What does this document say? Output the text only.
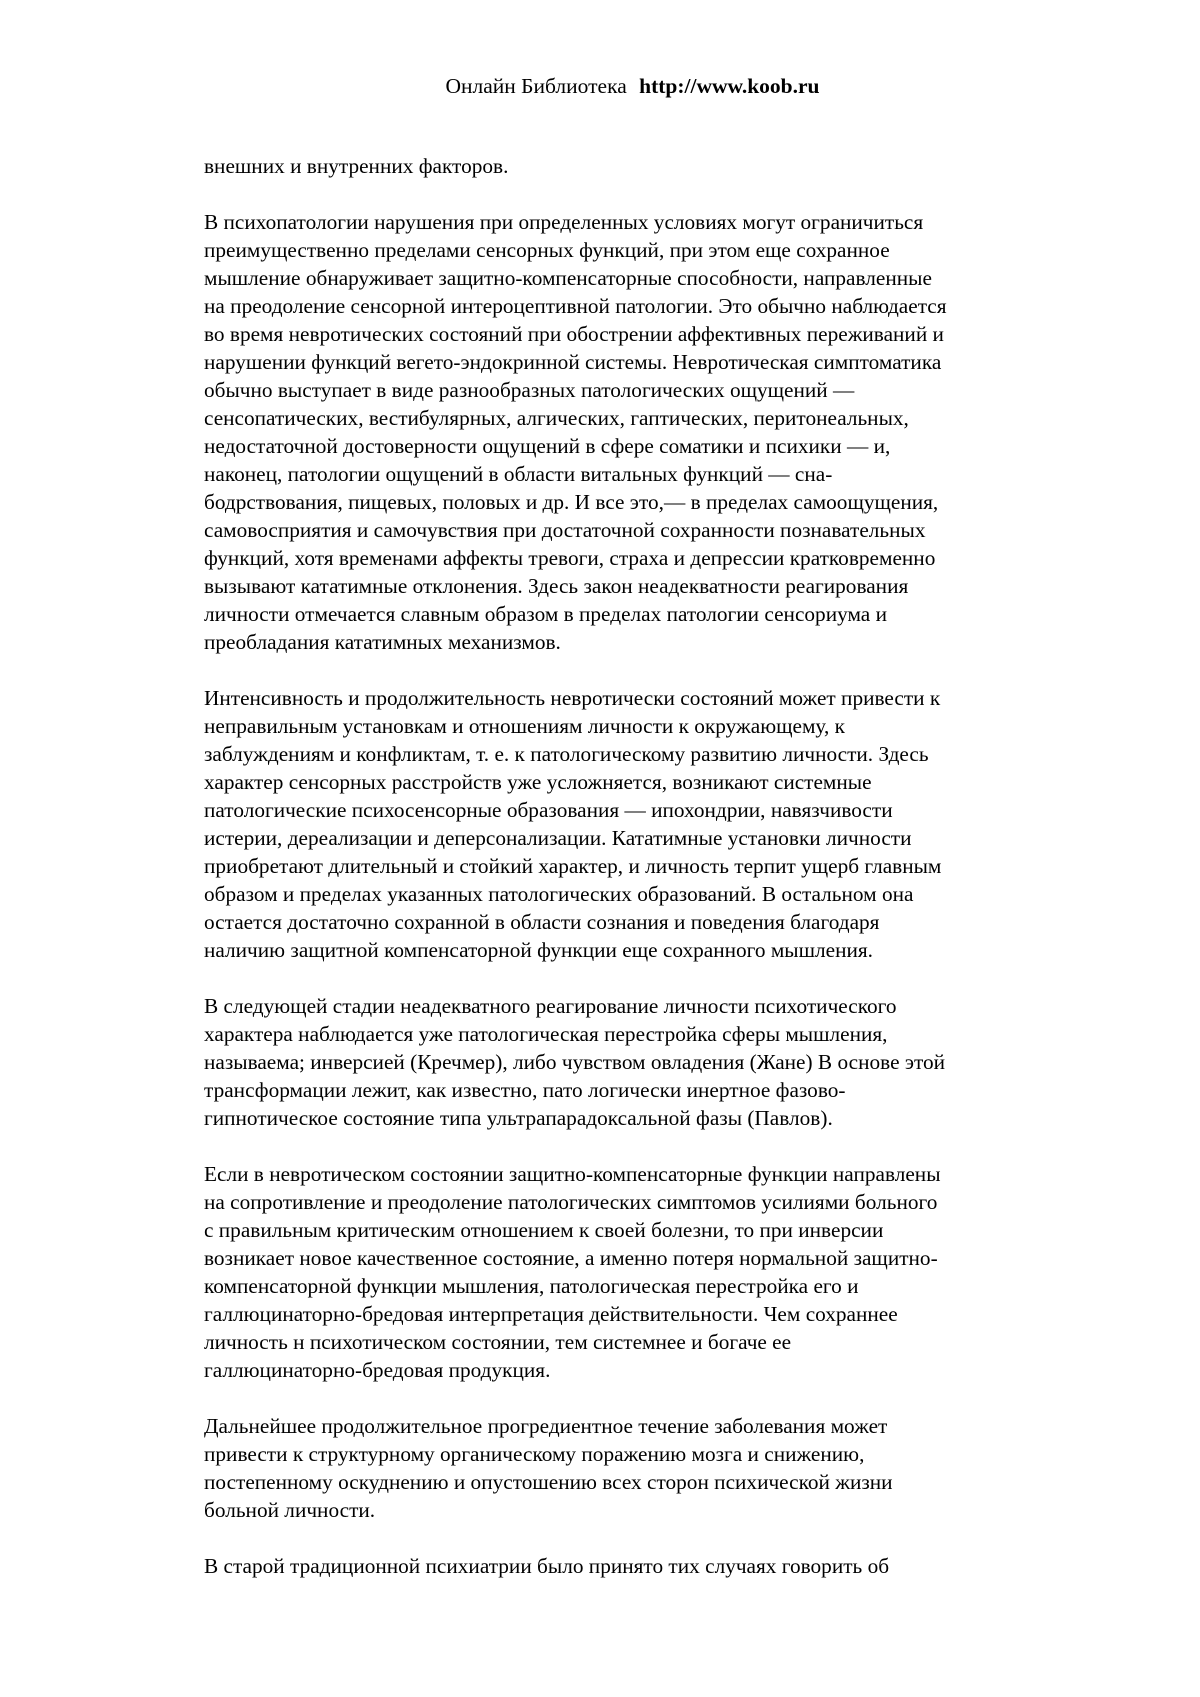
Онлайн Библиотека http://www.koob.ru
внешних и внутренних факторов.
В психопатологии нарушения при определенных условиях могут ограничиться
преимущественно пределами сенсорных функций, при этом еще сохранное
мышление обнаруживает защитно-компенсаторные способности, направленные
на преодоление сенсорной интероцептивной патологии. Это обычно наблюдается
во время невротических состояний при обострении аффективных переживаний и
нарушении функций вегето-эндокринной системы. Невротическая симптоматика
обычно выступает в виде разнообразных патологических ощущений —
сенсопатических, вестибулярных, алгических, гаптических, перитонеальных,
недостаточной достоверности ощущений в сфере соматики и психики — и,
наконец, патологии ощущений в области витальных функций — сна-
бодрствования, пищевых, половых и др. И все это,— в пределах самоощущения,
самовосприятия и самочувствия при достаточной сохранности познавательных
функций, хотя временами аффекты тревоги, страха и депрессии кратковременно
вызывают кататимные отклонения. Здесь закон неадекватности реагирования
личности отмечается славным образом в пределах патологии сенсориума и
преобладания кататимных механизмов.
Интенсивность и продолжительность невротически состояний может привести к
неправильным установкам и отношениям личности к окружающему, к
заблуждениям и конфликтам, т. е. к патологическому развитию личности. Здесь
характер сенсорных расстройств уже усложняется, возникают системные
патологические психосенсорные образования — ипохондрии, навязчивости
истерии, дереализации и деперсонализации. Кататимные установки личности
приобретают длительный и стойкий характер, и личность терпит ущерб главным
образом и пределах указанных патологических образований. В остальном она
остается достаточно сохранной в области сознания и поведения благодаря
наличию защитной компенсаторной функции еще сохранного мышления.
В следующей стадии неадекватного реагирование личности психотического
характера наблюдается уже патологическая перестройка сферы мышления,
называема; инверсией (Кречмер), либо чувством овладения (Жане) В основе этой
трансформации лежит, как известно, пато логически инертное фазово-
гипнотическое состояние типа ультрапарадоксальной фазы (Павлов).
Если в невротическом состоянии защитно-компенсаторные функции направлены
на сопротивление и преодоление патологических симптомов усилиями больного
с правильным критическим отношением к своей болезни, то при инверсии
возникает новое качественное состояние, а именно потеря нормальной защитно-
компенсаторной функции мышления, патологическая перестройка его и
галлюцинаторно-бредовая интерпретация действительности. Чем сохраннее
личность н психотическом состоянии, тем системнее и богаче ее
галлюцинаторно-бредовая продукция.
Дальнейшее продолжительное прогредиентное течение заболевания может
привести к структурному органическому поражению мозга и снижению,
постепенному оскуднению и опустошению всех сторон психической жизни
больной личности.
В старой традиционной психиатрии было принято тих случаях говорить об
